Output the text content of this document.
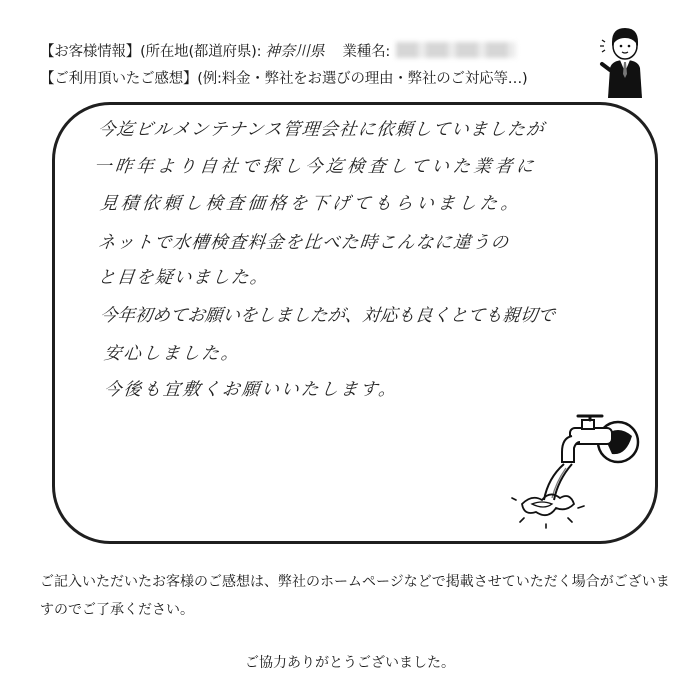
【お客様情報】(所在地(都道府県): 神奈川県 業種名:
【ご利用頂いたご感想】(例:料金・弊社をお選びの理由・弊社のご対応等…)
今迄ビルメンテナンス管理会社に依頼していましたが
一昨年より自社で探し今迄検査していた業者に
見積依頼し検査価格を下げてもらいました。
ネットで水槽検査料金を比べた時こんなに違うの
と目を疑いました。
今年初めてお願いをしましたが、対応も良くとても親切で
安心しました。
今後も宜敷くお願いいたします。
ご記入いただいたお客様のご感想は、弊社のホームページなどで掲載させていただく場合がございますのでご了承ください。
ご協力ありがとうございました。
